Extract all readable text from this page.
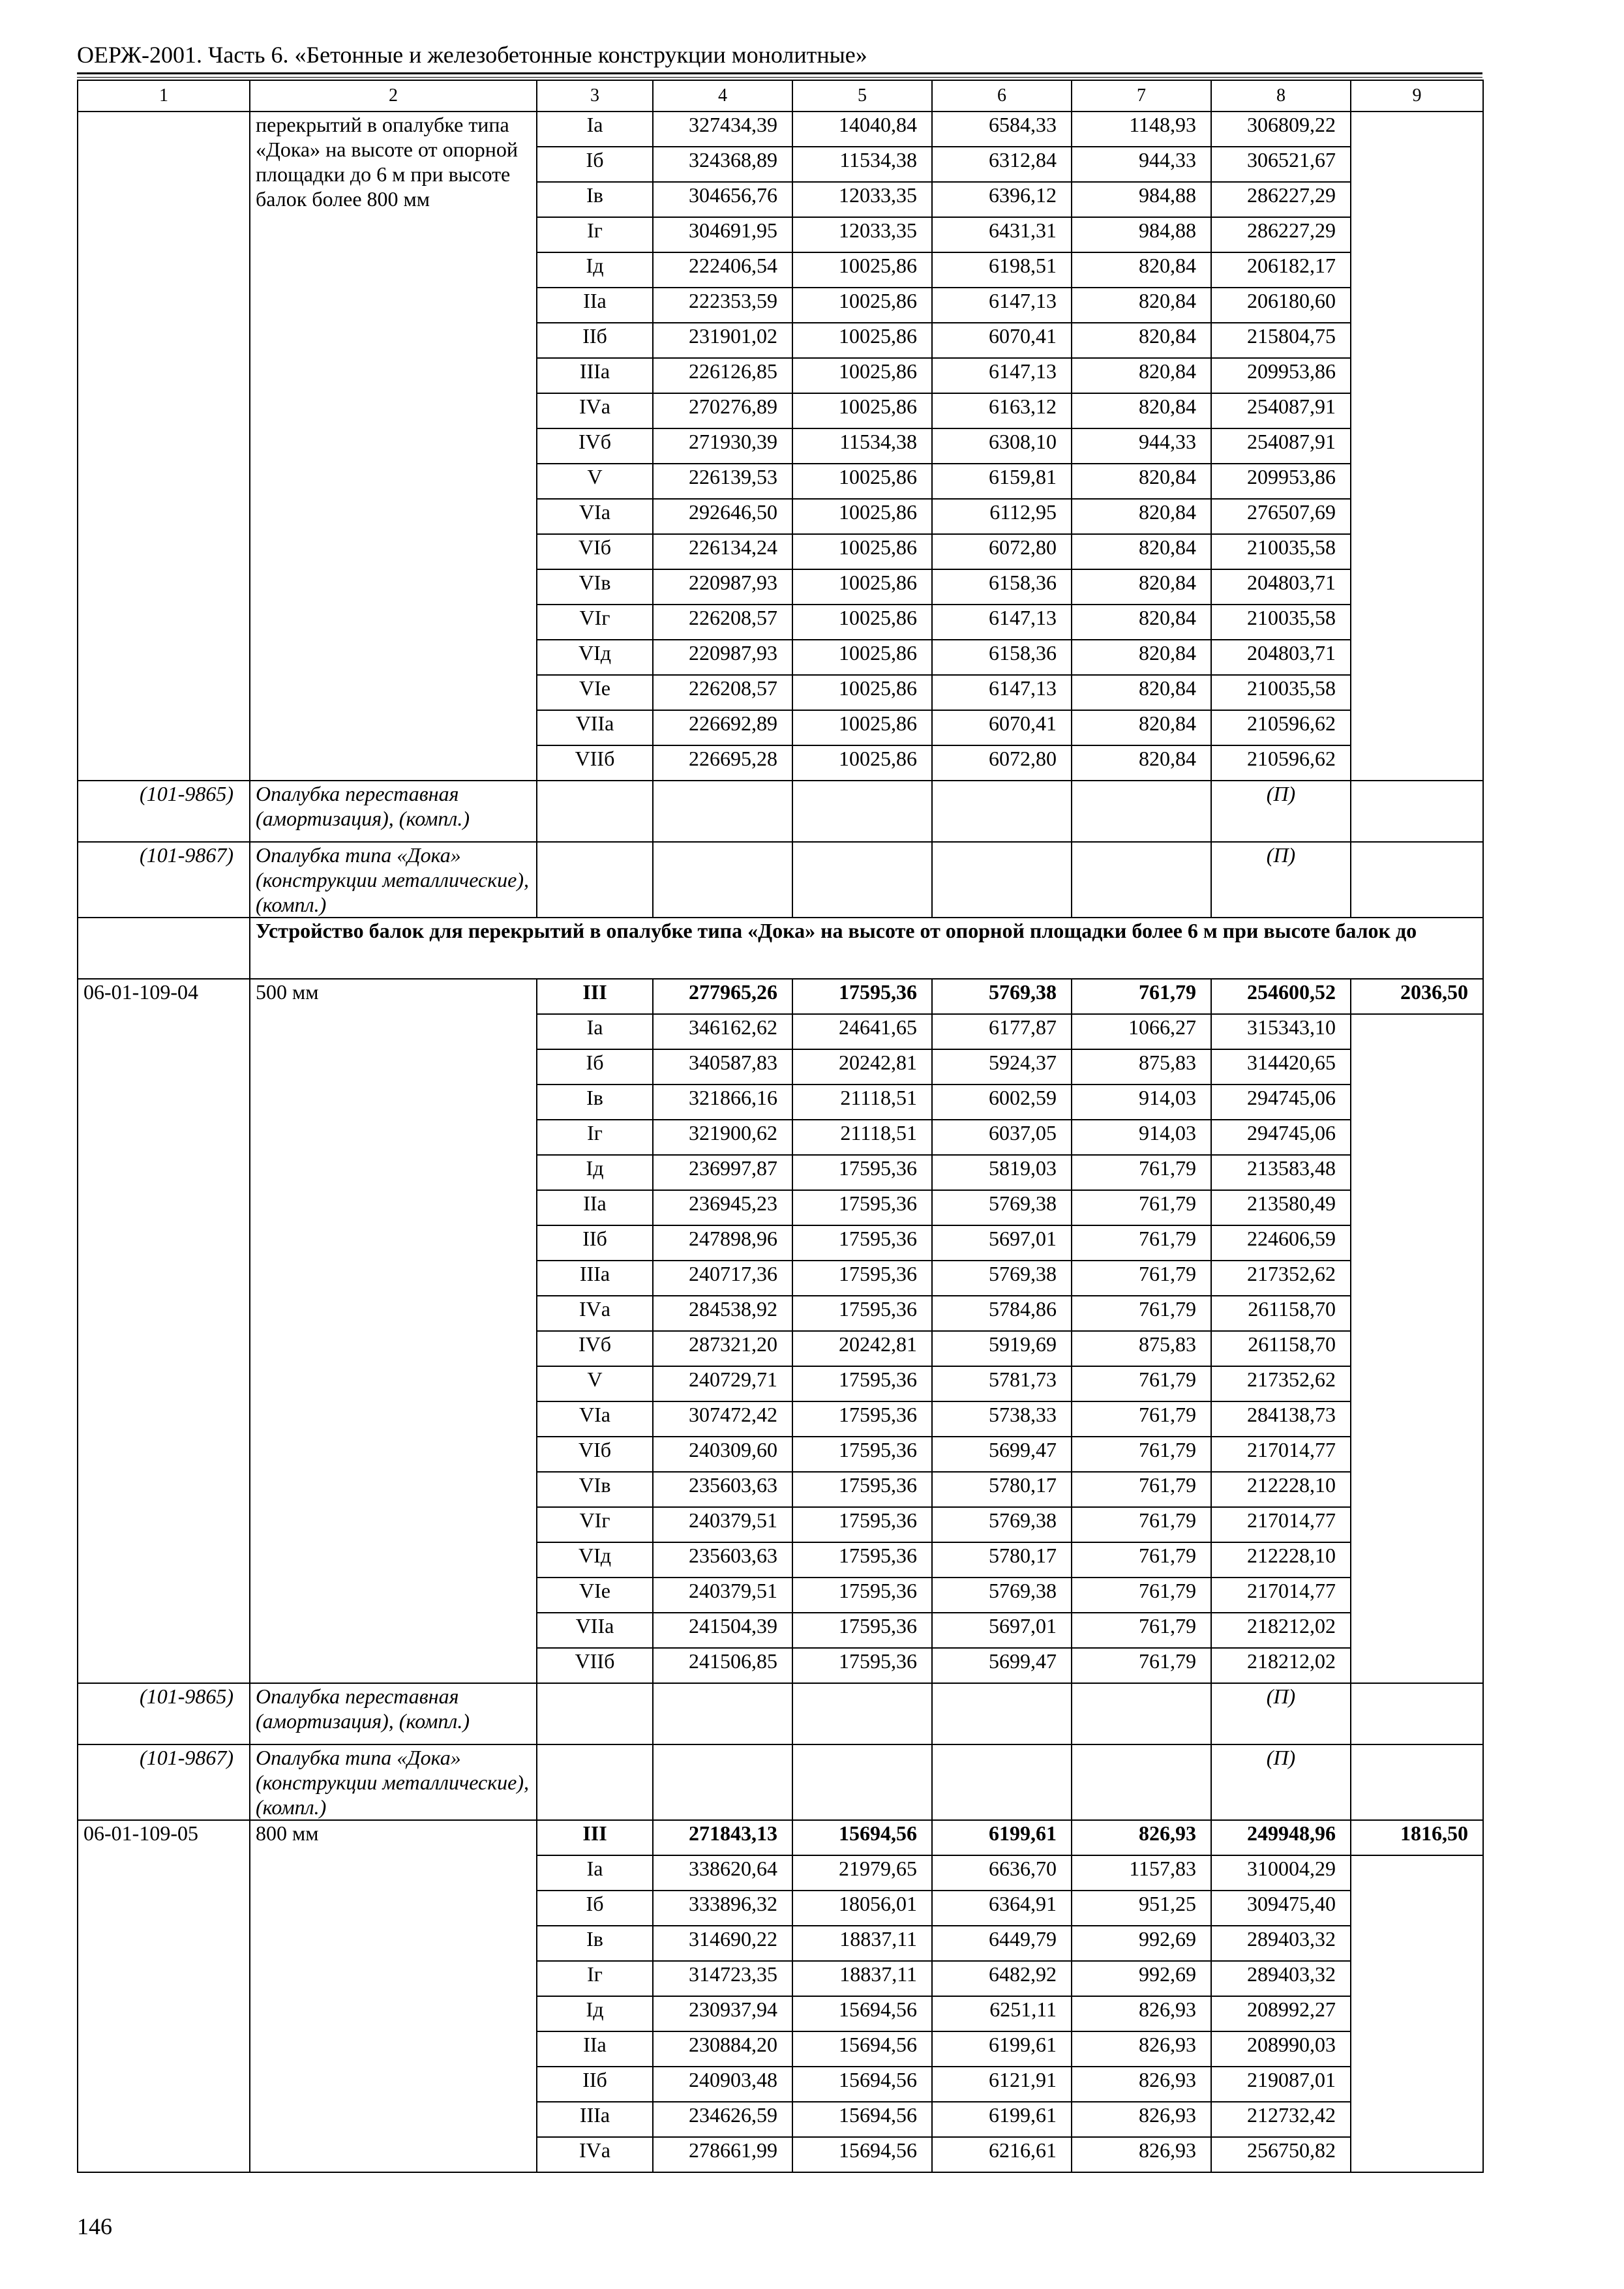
ОЕРЖ-2001. Часть 6. «Бетонные и железобетонные конструкции монолитные»
1	2	3	4	5	6	7	8	9
	перекрытий в опалубке типа «Дока» на высоте от опорной площадки до 6 м при высоте балок более 800 мм	Iа	327434,39	14040,84	6584,33	1148,93	306809,22	
		Iб	324368,89	11534,38	6312,84	944,33	306521,67	
		Iв	304656,76	12033,35	6396,12	984,88	286227,29	
		Iг	304691,95	12033,35	6431,31	984,88	286227,29	
		Iд	222406,54	10025,86	6198,51	820,84	206182,17	
		IIа	222353,59	10025,86	6147,13	820,84	206180,60	
		IIб	231901,02	10025,86	6070,41	820,84	215804,75	
		IIIа	226126,85	10025,86	6147,13	820,84	209953,86	
		IVа	270276,89	10025,86	6163,12	820,84	254087,91	
		IVб	271930,39	11534,38	6308,10	944,33	254087,91	
		V	226139,53	10025,86	6159,81	820,84	209953,86	
		VIа	292646,50	10025,86	6112,95	820,84	276507,69	
		VIб	226134,24	10025,86	6072,80	820,84	210035,58	
		VIв	220987,93	10025,86	6158,36	820,84	204803,71	
		VIг	226208,57	10025,86	6147,13	820,84	210035,58	
		VIд	220987,93	10025,86	6158,36	820,84	204803,71	
		VIе	226208,57	10025,86	6147,13	820,84	210035,58	
		VIIа	226692,89	10025,86	6070,41	820,84	210596,62	
		VIIб	226695,28	10025,86	6072,80	820,84	210596,62	
(101-9865)	Опалубка переставная (амортизация), (компл.)						(П)	
(101-9867)	Опалубка типа «Дока» (конструкции металлические), (компл.)						(П)	
	Устройство балок для перекрытий в опалубке типа «Дока» на высоте от опорной площадки более 6 м при высоте балок до							
06-01-109-04	500 мм	III	277965,26	17595,36	5769,38	761,79	254600,52	2036,50
		Iа	346162,62	24641,65	6177,87	1066,27	315343,10	
		Iб	340587,83	20242,81	5924,37	875,83	314420,65	
		Iв	321866,16	21118,51	6002,59	914,03	294745,06	
		Iг	321900,62	21118,51	6037,05	914,03	294745,06	
		Iд	236997,87	17595,36	5819,03	761,79	213583,48	
		IIа	236945,23	17595,36	5769,38	761,79	213580,49	
		IIб	247898,96	17595,36	5697,01	761,79	224606,59	
		IIIа	240717,36	17595,36	5769,38	761,79	217352,62	
		IVа	284538,92	17595,36	5784,86	761,79	261158,70	
		IVб	287321,20	20242,81	5919,69	875,83	261158,70	
		V	240729,71	17595,36	5781,73	761,79	217352,62	
		VIа	307472,42	17595,36	5738,33	761,79	284138,73	
		VIб	240309,60	17595,36	5699,47	761,79	217014,77	
		VIв	235603,63	17595,36	5780,17	761,79	212228,10	
		VIг	240379,51	17595,36	5769,38	761,79	217014,77	
		VIд	235603,63	17595,36	5780,17	761,79	212228,10	
		VIе	240379,51	17595,36	5769,38	761,79	217014,77	
		VIIа	241504,39	17595,36	5697,01	761,79	218212,02	
		VIIб	241506,85	17595,36	5699,47	761,79	218212,02	
(101-9865)	Опалубка переставная (амортизация), (компл.)						(П)	
(101-9867)	Опалубка типа «Дока» (конструкции металлические), (компл.)						(П)	
06-01-109-05	800 мм	III	271843,13	15694,56	6199,61	826,93	249948,96	1816,50
		Iа	338620,64	21979,65	6636,70	1157,83	310004,29	
		Iб	333896,32	18056,01	6364,91	951,25	309475,40	
		Iв	314690,22	18837,11	6449,79	992,69	289403,32	
		Iг	314723,35	18837,11	6482,92	992,69	289403,32	
		Iд	230937,94	15694,56	6251,11	826,93	208992,27	
		IIа	230884,20	15694,56	6199,61	826,93	208990,03	
		IIб	240903,48	15694,56	6121,91	826,93	219087,01	
		IIIа	234626,59	15694,56	6199,61	826,93	212732,42	
		IVа	278661,99	15694,56	6216,61	826,93	256750,82	
146
